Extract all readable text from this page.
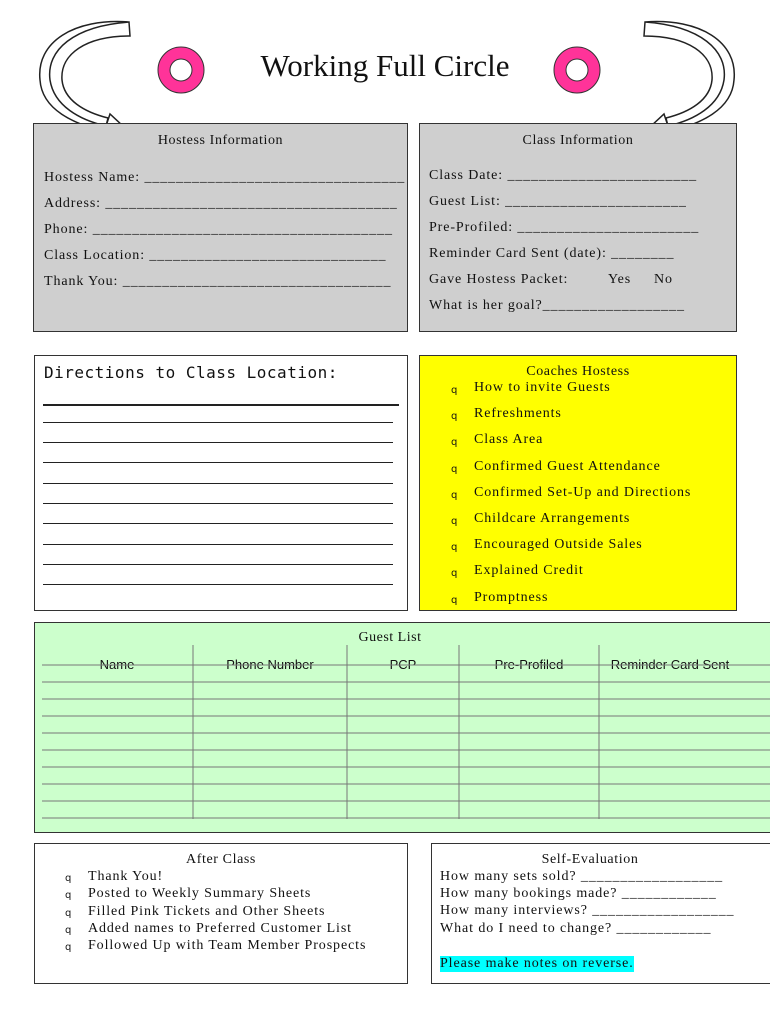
Working Full Circle
Hostess Information
Hostess Name: _________________________________
Address: _____________________________________
Phone: ______________________________________
Class Location: ______________________________
Thank You: __________________________________
Class Information
Class Date: ________________________
Guest List: _______________________
Pre-Profiled: _______________________
Reminder Card Sent (date): ________
Gave Hostess Packet:	Yes No
What is her goal?__________________
Directions to Class Location:	Coaches Hostess
q How to invite Guests
q Refreshments
q Class Area
q Confirmed Guest Attendance
q Confirmed Set-Up and Directions
q Childcare Arrangements
q Encouraged Outside Sales
q Explained Credit
q Promptness
Guest List
Name	Phone Number	PCP	Pre-Profiled	Reminder Card Sent
After Class
q Thank You!
q Posted to Weekly Summary Sheets
q Filled Pink Tickets and Other Sheets
q Added names to Preferred Customer List
q Followed Up with Team Member Prospects
Self-Evaluation
How many sets sold? __________________
How many bookings made? ____________
How many interviews? __________________
What do I need to change? ____________
Please make notes on reverse.
